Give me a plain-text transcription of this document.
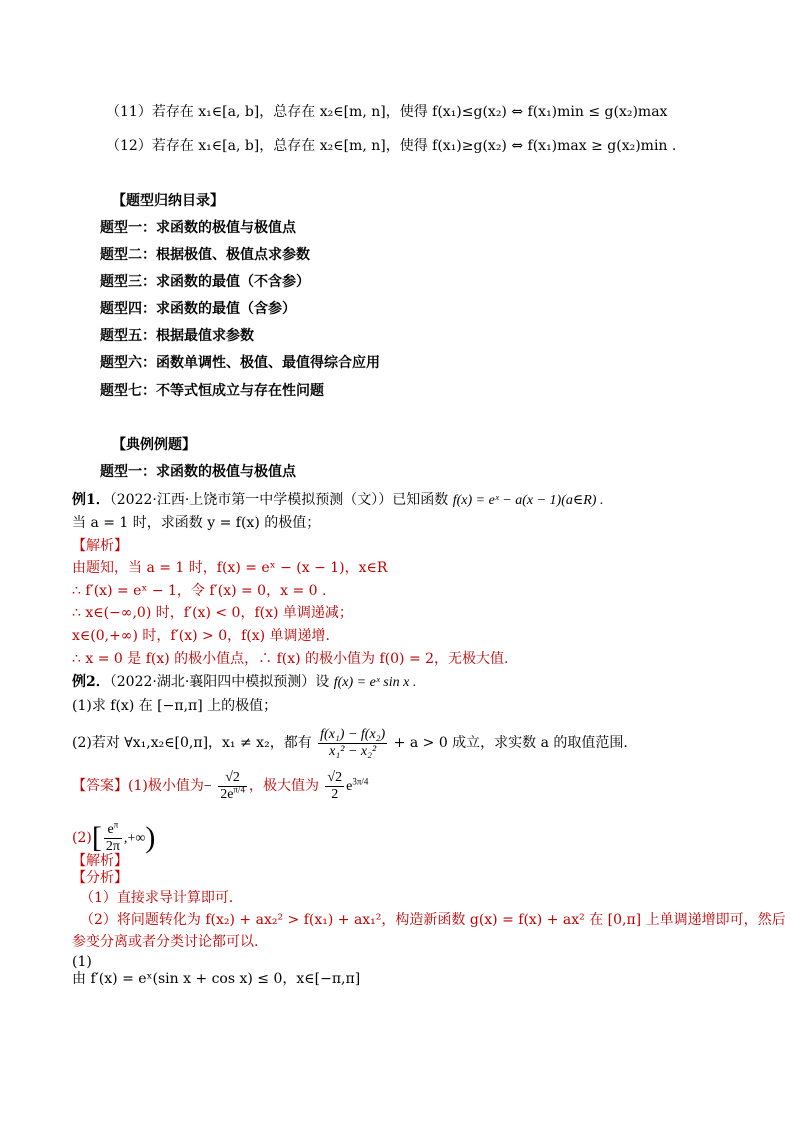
（11）若存在 x₁∈[a, b]，总存在 x₂∈[m, n]，使得 f(x₁)≤g(x₂) ⇔ f(x₁)min ≤ g(x₂)max
（12）若存在 x₁∈[a, b]，总存在 x₂∈[m, n]，使得 f(x₁)≥g(x₂) ⇔ f(x₁)max ≥ g(x₂)min .
【题型归纳目录】
题型一：求函数的极值与极值点
题型二：根据极值、极值点求参数
题型三：求函数的最值（不含参）
题型四：求函数的最值（含参）
题型五：根据最值求参数
题型六：函数单调性、极值、最值得综合应用
题型七：不等式恒成立与存在性问题
【典例例题】
题型一：求函数的极值与极值点
例1．（2022·江西·上饶市第一中学模拟预测（文））已知函数 f(x) = eˣ − a(x − 1)(a∈R) .
当 a = 1 时，求函数 y = f(x) 的极值；
【解析】
由题知，当 a = 1 时，f(x) = eˣ − (x − 1)，x∈R
∴ f′(x) = eˣ − 1，令 f′(x) = 0，x = 0 .
∴ x∈(−∞,0) 时，f′(x) < 0，f(x) 单调递减；
x∈(0,+∞) 时，f′(x) > 0，f(x) 单调递增.
∴ x = 0 是 f(x) 的极小值点，∴ f(x) 的极小值为 f(0) = 2，无极大值.
例2．（2022·湖北·襄阳四中模拟预测）设 f(x) = eˣ sin x .
(1)求 f(x) 在 [−π,π] 上的极值；
(2)若对 ∀x₁,x₂∈[0,π]，x₁ ≠ x₂，都有 $\frac{\text{f(x₁) − f(x₂)}}{\text{x₁² − x₂²}} + a > 0$ 成立，求实数 a 的取值范围.
【答案】(1)极小值为− $\frac{√2}{2e^{\pi/4}}$ ，极大值为 $\frac{√2}{2} e^{3\pi/4}$
$(2)[ \frac{e^\pi}{2\pi}$ ,+∞)
【解析】
【分析】
（1）直接求导计算即可．
（2）将问题转化为 f(x₂) + ax₂² > f(x₁) + ax₁²，构造新函数 g(x) = f(x) + ax² 在 [0,π] 上单调递增即可，然后
参变分离或者分类讨论都可以.
(1)
由 f′(x) = eˣ(sin x + cos x) ≤ 0，x∈[−π,π]
